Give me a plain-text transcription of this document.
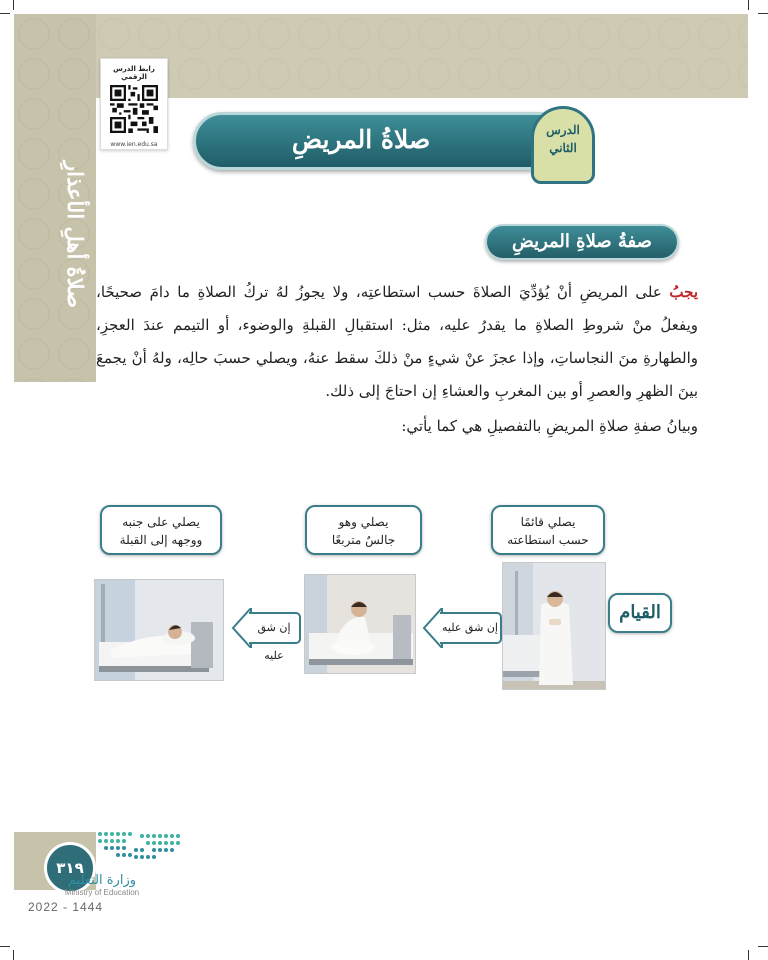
صلاةُ أهلِ الأعذارِ
رابط الدرس الرقمي
www.ien.edu.sa	صلاةُ المريضِ	الدرس
الثاني
صفةُ صلاةِ المريضِ
يجبُ على المريضِ أنْ يُؤدِّيَ الصلاةَ حسب استطاعتِه، ولا يجوزُ لهُ تركُ الصلاةِ ما دامَ صحيحًا، ويفعلُ منْ شروطِ الصلاةِ ما يقدرُ عليه، مثل: استقبالِ القبلةِ والوضوء، أو التيمم عندَ العجزِ، والطهارةِ منَ النجاساتِ، وإذا عجزَ عنْ شيءٍ منْ ذلكَ سقط عنهُ، ويصلي حسبَ حالِه، ولهُ أنْ يجمعَ بينَ الظهرِ والعصرِ أو بين المغربِ والعشاءِ إن احتاجَ إلى ذلك.
وبيانُ صفةِ صلاةِ المريضِ بالتفصيلِ هي كما يأتي:
يصلي قائمًا
حسب استطاعته
يصلي وهو
جالسٌ متربعًا
يصلي على جنبه
ووجهه إلى القبلة
إن شق عليه
إن شق عليه
القيام
٣١٩
وزارة التعليم
Ministry of Education
2022 - 1444
